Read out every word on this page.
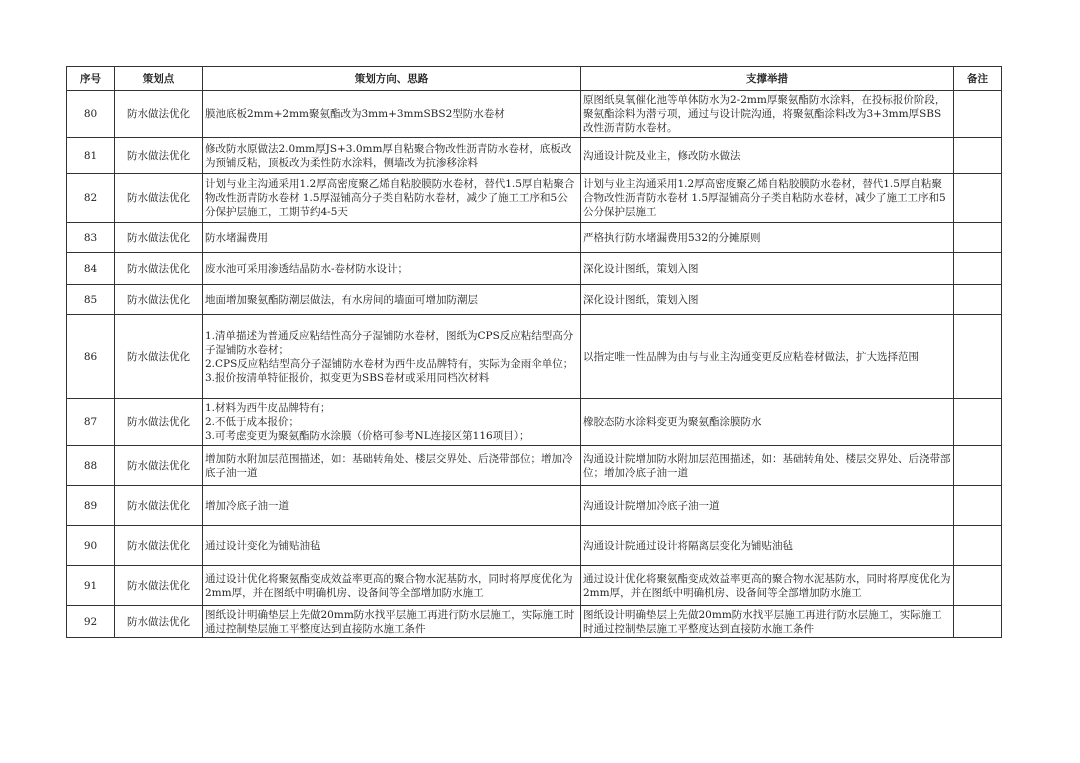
序号	策划点	策划方向、思路	支撑举措	备注
80	防水做法优化	膜池底板2mm+2mm聚氨酯改为3mm+3mmSBS2型防水卷材	原图纸臭氧催化池等单体防水为2-2mm厚聚氨酯防水涂料，在投标报价阶段，聚氨酯涂料为潜亏项，通过与设计院沟通，将聚氨酯涂料改为3+3mm厚SBS改性沥青防水卷材。	
81	防水做法优化	修改防水原做法2.0mm厚JS+3.0mm厚自粘聚合物改性沥青防水卷材，底板改为预铺反粘，顶板改为柔性防水涂料，侧墙改为抗渗移涂料	沟通设计院及业主，修改防水做法	
82	防水做法优化	计划与业主沟通采用1.2厚高密度聚乙烯自粘胶膜防水卷材，替代1.5厚自粘聚合物改性沥青防水卷材 1.5厚湿铺高分子类自粘防水卷材，减少了施工工序和5公分保护层施工，工期节约4-5天	计划与业主沟通采用1.2厚高密度聚乙烯自粘胶膜防水卷材，替代1.5厚自粘聚合物改性沥青防水卷材 1.5厚湿铺高分子类自粘防水卷材，减少了施工工序和5公分保护层施工	
83	防水做法优化	防水堵漏费用	严格执行防水堵漏费用532的分摊原则	
84	防水做法优化	废水池可采用渗透结晶防水-卷材防水设计；	深化设计图纸，策划入图	
85	防水做法优化	地面增加聚氨酯防潮层做法，有水房间的墙面可增加防潮层	深化设计图纸，策划入图	
86	防水做法优化	1.清单描述为普通反应粘结性高分子湿铺防水卷材，图纸为CPS反应粘结型高分子湿铺防水卷材；
2.CPS反应粘结型高分子湿铺防水卷材为西牛皮品牌特有，实际为金雨伞单位；
3.报价按清单特征报价，拟变更为SBS卷材或采用同档次材料	以指定唯一性品牌为由与与业主沟通变更反应粘卷材做法，扩大选择范围	
87	防水做法优化	1.材料为西牛皮品牌特有；
2.不低于成本报价；
3.可考虑变更为聚氨酯防水涂膜（价格可参考NL连接区第116项目）；	橡胶态防水涂料变更为聚氨酯涂膜防水	
88	防水做法优化	增加防水附加层范围描述，如：基础转角处、楼层交界处、后浇带部位；增加冷底子油一道	沟通设计院增加防水附加层范围描述，如：基础转角处、楼层交界处、后浇带部位；增加冷底子油一道	
89	防水做法优化	增加冷底子油一道	沟通设计院增加冷底子油一道	
90	防水做法优化	通过设计变化为铺贴油毡	沟通设计院通过设计将隔离层变化为铺贴油毡	
91	防水做法优化	通过设计优化将聚氨酯变成效益率更高的聚合物水泥基防水，同时将厚度优化为2mm厚，并在图纸中明确机房、设备间等全部增加防水施工	通过设计优化将聚氨酯变成效益率更高的聚合物水泥基防水，同时将厚度优化为2mm厚，并在图纸中明确机房、设备间等全部增加防水施工	
92	防水做法优化	图纸设计明确垫层上先做20mm防水找平层施工再进行防水层施工，实际施工时通过控制垫层施工平整度达到直接防水施工条件	图纸设计明确垫层上先做20mm防水找平层施工再进行防水层施工，实际施工时通过控制垫层施工平整度达到直接防水施工条件	
